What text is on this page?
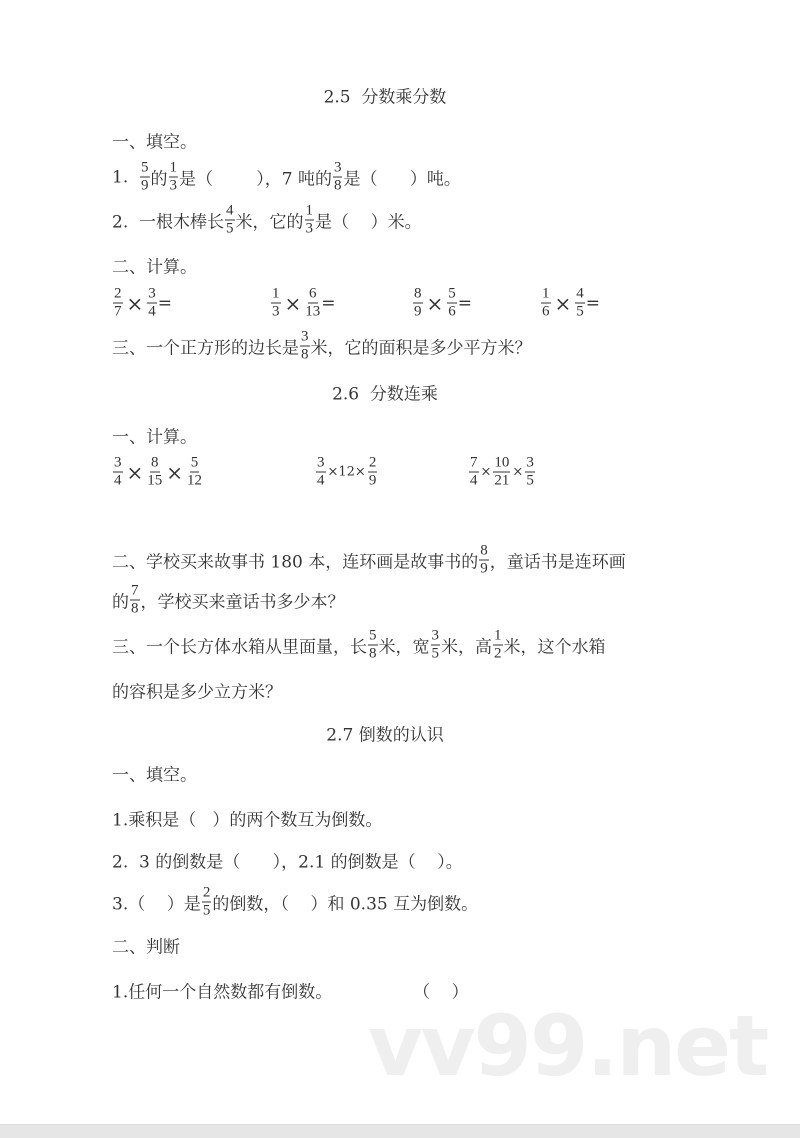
2.5  分数乘分数
一、填空。
1. $\frac{5}{9}$ 的 $\frac{1}{3}$ 是（        ），7 吨的 $\frac{3}{8}$ 是（      ）吨。
2.  一根木棒长 $\frac{4}{5}$ 米，它的 $\frac{1}{3}$ 是（    ）米。
二、计算。
$\frac{2}{7} \times \frac{3}{4}$ =	$\frac{1}{3} \times \frac{6}{13}$ =	$\frac{8}{9} \times \frac{5}{6}$ =	$\frac{1}{6} \times \frac{4}{5}$ =
三、一个正方形的边长是 $\frac{3}{8}$ 米，它的面积是多少平方米？
2.6  分数连乘
一、计算。
$\frac{3}{4} \times \frac{8}{15} \times \frac{5}{12}$	$\frac{3}{4} \times 12\times \frac{2}{9}$	$\frac{7}{4} \times \frac{10}{21} \times \frac{3}{5}$
二、学校买来故事书 180 本，连环画是故事书的 $\frac{8}{9}$ ，童话书是连环画
的 $\frac{7}{8}$ ，学校买来童话书多少本？
三、一个长方体水箱从里面量，长 $\frac{5}{8}$ 米，宽 $\frac{3}{5}$ 米，高 $\frac{1}{2}$ 米，这个水箱
的容积是多少立方米？
2.7 倒数的认识
一、填空。
1.乘积是（   ）的两个数互为倒数。
2.  3 的倒数是（      ），2.1 的倒数是（    ）。
3.（    ）是 $\frac{2}{5}$ 的倒数，（    ）和 0.35 互为倒数。
二、判断
1.任何一个自然数都有倒数。	（    ）
vv99.net
